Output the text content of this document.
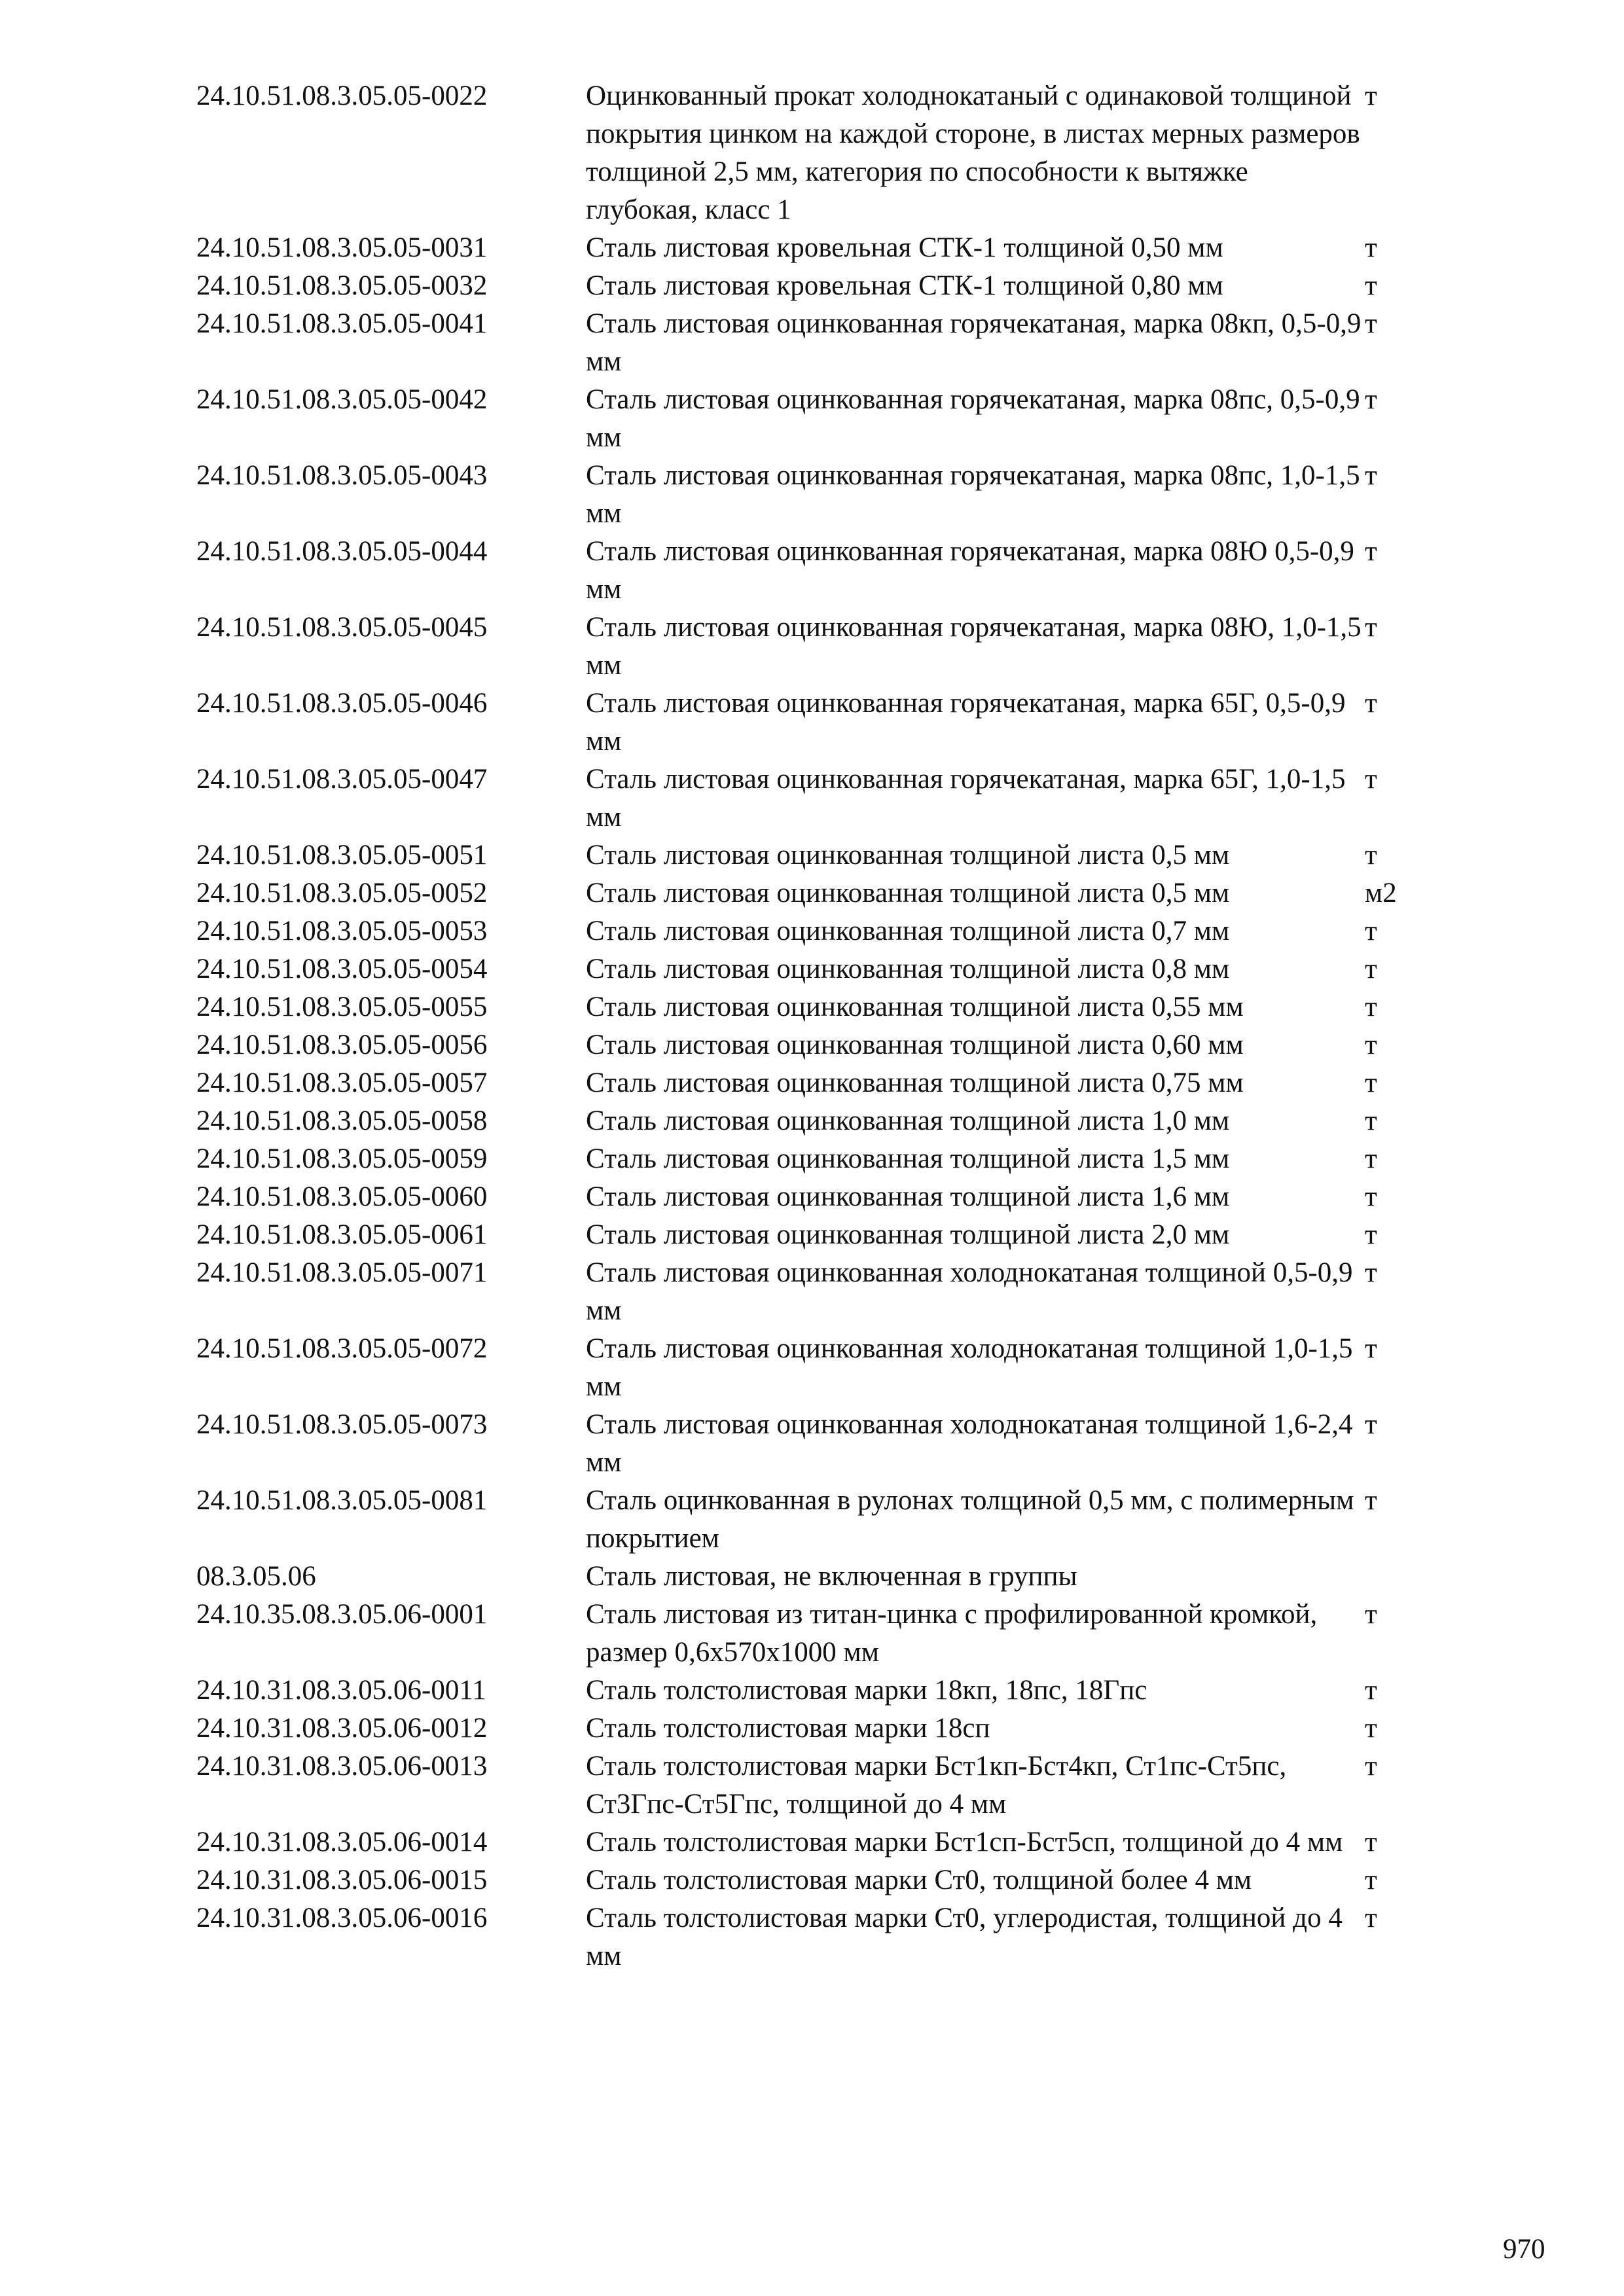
24.10.51.08.3.05.05-0022	Оцинкованный прокат холоднокатаный с одинаковой толщиной покрытия цинком на каждой стороне, в листах мерных размеров толщиной 2,5 мм, категория по способности к вытяжке глубокая, класс 1	т
24.10.51.08.3.05.05-0031	Сталь листовая кровельная СТК-1 толщиной 0,50 мм	т
24.10.51.08.3.05.05-0032	Сталь листовая кровельная СТК-1 толщиной 0,80 мм	т
24.10.51.08.3.05.05-0041	Сталь листовая оцинкованная горячекатаная, марка 08кп, 0,5-0,9 мм	т
24.10.51.08.3.05.05-0042	Сталь листовая оцинкованная горячекатаная, марка 08пс, 0,5-0,9 мм	т
24.10.51.08.3.05.05-0043	Сталь листовая оцинкованная горячекатаная, марка 08пс, 1,0-1,5 мм	т
24.10.51.08.3.05.05-0044	Сталь листовая оцинкованная горячекатаная, марка 08Ю 0,5-0,9 мм	т
24.10.51.08.3.05.05-0045	Сталь листовая оцинкованная горячекатаная, марка 08Ю, 1,0-1,5 мм	т
24.10.51.08.3.05.05-0046	Сталь листовая оцинкованная горячекатаная, марка 65Г, 0,5-0,9 мм	т
24.10.51.08.3.05.05-0047	Сталь листовая оцинкованная горячекатаная, марка 65Г, 1,0-1,5 мм	т
24.10.51.08.3.05.05-0051	Сталь листовая оцинкованная толщиной листа 0,5 мм	т
24.10.51.08.3.05.05-0052	Сталь листовая оцинкованная толщиной листа 0,5 мм	м2
24.10.51.08.3.05.05-0053	Сталь листовая оцинкованная толщиной листа 0,7 мм	т
24.10.51.08.3.05.05-0054	Сталь листовая оцинкованная толщиной листа 0,8 мм	т
24.10.51.08.3.05.05-0055	Сталь листовая оцинкованная толщиной листа 0,55 мм	т
24.10.51.08.3.05.05-0056	Сталь листовая оцинкованная толщиной листа 0,60 мм	т
24.10.51.08.3.05.05-0057	Сталь листовая оцинкованная толщиной листа 0,75 мм	т
24.10.51.08.3.05.05-0058	Сталь листовая оцинкованная толщиной листа 1,0 мм	т
24.10.51.08.3.05.05-0059	Сталь листовая оцинкованная толщиной листа 1,5 мм	т
24.10.51.08.3.05.05-0060	Сталь листовая оцинкованная толщиной листа 1,6 мм	т
24.10.51.08.3.05.05-0061	Сталь листовая оцинкованная толщиной листа 2,0 мм	т
24.10.51.08.3.05.05-0071	Сталь листовая оцинкованная холоднокатаная толщиной 0,5-0,9 мм	т
24.10.51.08.3.05.05-0072	Сталь листовая оцинкованная холоднокатаная толщиной 1,0-1,5 мм	т
24.10.51.08.3.05.05-0073	Сталь листовая оцинкованная холоднокатаная толщиной 1,6-2,4 мм	т
24.10.51.08.3.05.05-0081	Сталь оцинкованная в рулонах толщиной 0,5 мм, с полимерным покрытием	т
08.3.05.06	Сталь листовая, не включенная в группы	
24.10.35.08.3.05.06-0001	Сталь листовая из титан-цинка с профилированной кромкой, размер 0,6х570х1000 мм	т
24.10.31.08.3.05.06-0011	Сталь толстолистовая марки 18кп, 18пс, 18Гпс	т
24.10.31.08.3.05.06-0012	Сталь толстолистовая марки 18сп	т
24.10.31.08.3.05.06-0013	Сталь толстолистовая марки Бст1кп-Бст4кп, Ст1пс-Ст5пс, Ст3Гпс-Ст5Гпс, толщиной до 4 мм	т
24.10.31.08.3.05.06-0014	Сталь толстолистовая марки Бст1сп-Бст5сп, толщиной до 4 мм	т
24.10.31.08.3.05.06-0015	Сталь толстолистовая марки Ст0, толщиной более 4 мм	т
24.10.31.08.3.05.06-0016	Сталь толстолистовая марки Ст0, углеродистая, толщиной до 4 мм	т
970
